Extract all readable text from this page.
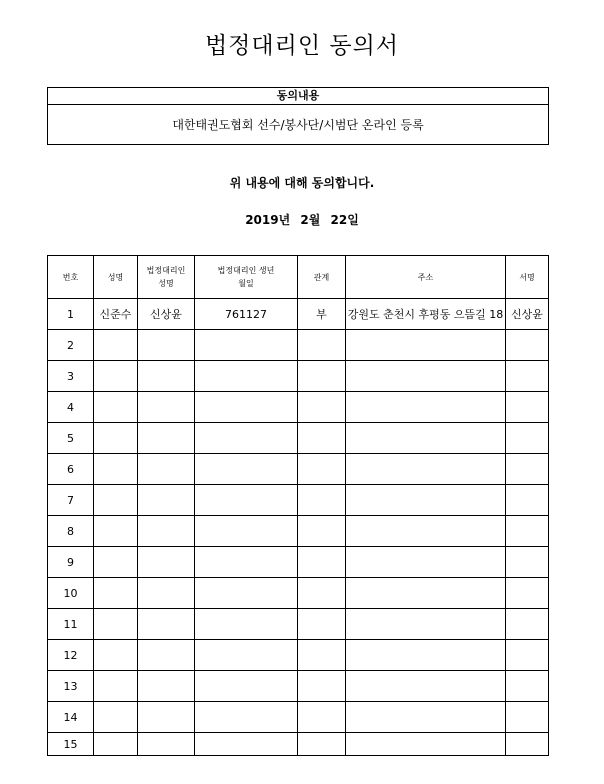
법정대리인 동의서
동의내용
대한태권도협회 선수/봉사단/시범단 온라인 등록
위 내용에 대해 동의합니다.
2019년 2월 22일
번호	성명	법정대리인 성명	법정대리인 생년월일	관계	주소	서명
1	신준수	신상윤	761127	부	강원도 춘천시 후평동 으뜸길 18	신상윤
2						
3						
4						
5						
6						
7						
8						
9						
10						
11						
12						
13						
14						
15						
